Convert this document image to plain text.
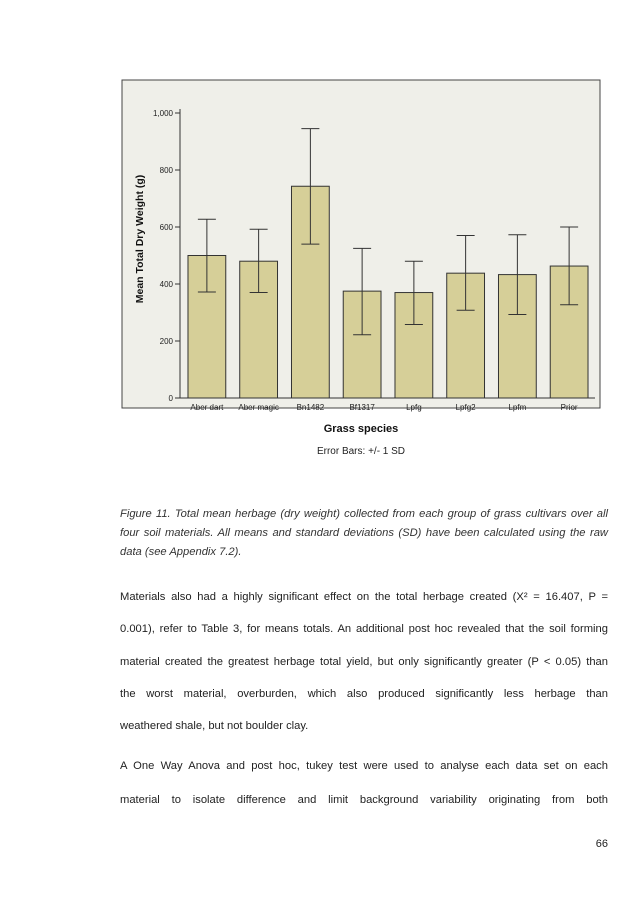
0
200
400
600
800
1,000
Aber dart Aber magic Bn1482	Bf1317	Lpfg	Lpfg2	Lpfm	Prior
Mean Total Dry Weight (g)
Grass species
Error Bars: +/- 1 SD
Figure 11. Total mean herbage (dry weight) collected from each group of grass cultivars over all four soil materials. All means and standard deviations (SD) have been calculated using the raw data (see Appendix 7.2).
Materials also had a highly significant effect on the total herbage created (X² = 16.407, P =
0.001), refer to Table 3, for means totals. An additional post hoc revealed that the soil forming
material created the greatest herbage total yield, but only significantly greater (P < 0.05) than
the worst material, overburden, which also produced significantly less herbage than
weathered shale, but not boulder clay.
A One Way Anova and post hoc, tukey test were used to analyse each data set on each
material to isolate difference and limit background variability originating from both
66
